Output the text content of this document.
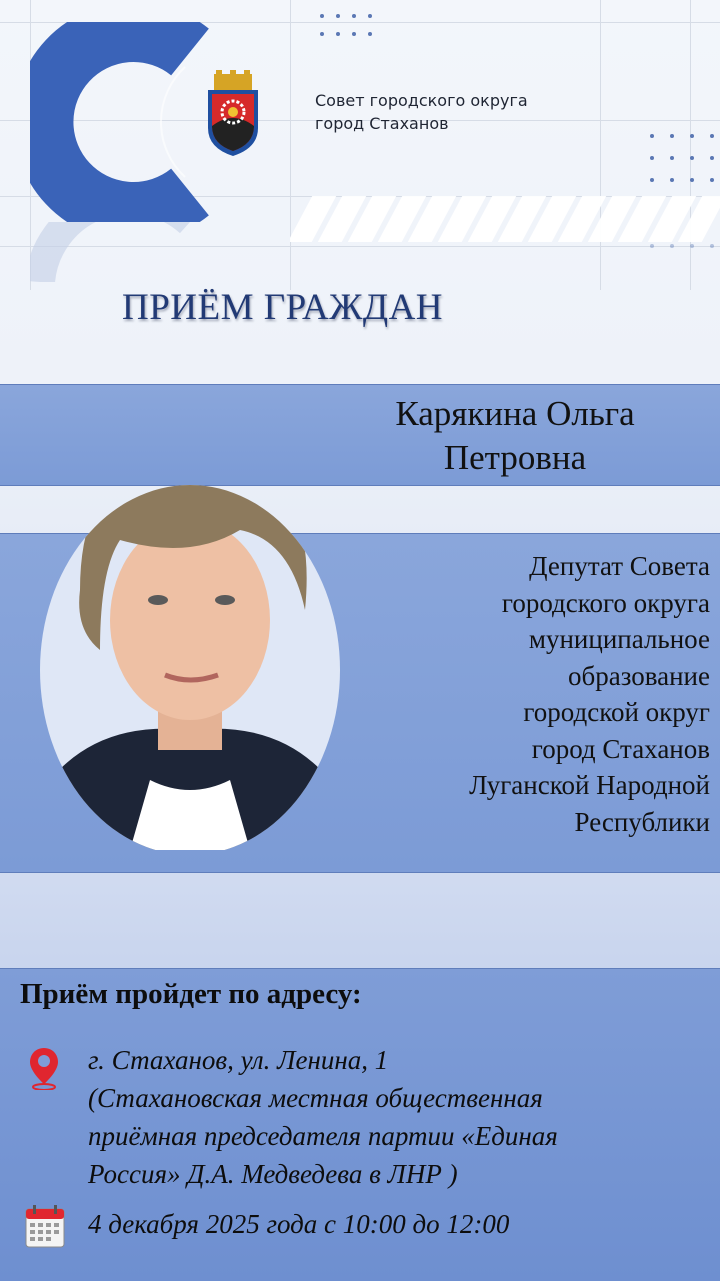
Совет городского округа
город Стаханов
ПРИЁМ ГРАЖДАН
Карякина Ольга
Петровна
Депутат Совета
городского округа
муниципальное
образование
городской округ
город Стаханов
Луганской Народной
Республики
Приём пройдет по адресу:
г. Стаханов, ул. Ленина, 1
(Стахановская местная общественная
приёмная председателя партии «Единая
Россия» Д.А. Медведева в ЛНР )
4 декабря 2025 года с 10:00 до 12:00
